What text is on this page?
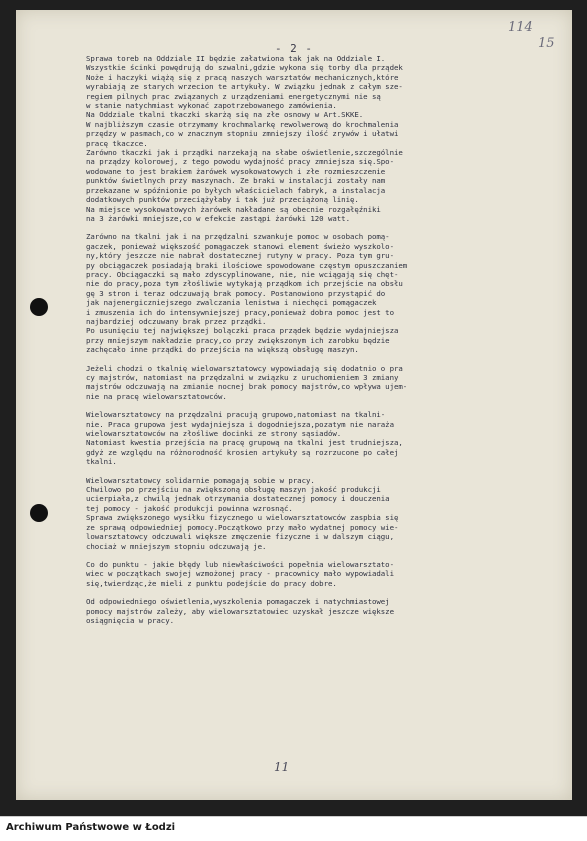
- 2 -
114
15
Sprawa toreb na Oddziale II będzie załatwiona tak jak na Oddziale I.
Wszystkie ścinki powędrują do szwalni,gdzie wykona się torby dla prządek
Noże i haczyki wiążą się z pracą naszych warsztatów mechanicznych,które
wyrabiają ze starych wrzecion te artykuły. W związku jednak z całym sze-
regiem pilnych prac związanych z urządzeniami energetycznymi nie są
w stanie natychmiast wykonać zapotrzebowanego zamówienia.
Na Oddziale tkalni tkaczki skarżą się na złe osnowy w Art.SKKE.
W najbliższym czasie otrzymamy krochmalarkę rewolwerową do krochmalenia
przędzy w pasmach,co w znacznym stopniu zmniejszy ilość zrywów i ułatwi
pracę tkaczce.
Zarówno tkaczki jak i prządki narzekają na słabe oświetlenie,szczególnie
na prządzy kolorowej, z tego powodu wydajność pracy zmniejsza się.Spo-
wodowane to jest brakiem żarówek wysokowatowych i złe rozmieszczenie
punktów świetlnych przy maszynach. Ze braki w instalacji zostały nam
przekazane w spóźnionie po byłych właścicielach fabryk, a instalacja
dodatkowych punktów przeciążyłaby i tak już przeciążoną linię.
Na miejsce wysokowatowych żarówek nakładane są obecnie rozgałęźniki
na 3 żarówki mniejsze,co w efekcie zastąpi żarówki 120 watt.
Zarówno na tkalni jak i na przędzalni szwankuje pomoc w osobach pomą-
gaczek, ponieważ większość pomągaczek stanowi element świeżo wyszkolo-
ny,który jeszcze nie nabrał dostatecznej rutyny w pracy. Poza tym gru-
py obciągaczek posiadają braki ilościowe spowodowane częstym opuszczaniem
pracy. Obciągaczki są mało zdyscyplinowane, nie, nie wciągają się chęt-
nie do pracy,poza tym złośliwie wytykają prządkom ich przejście na obsłu
gę 3 stron i teraz odczuwają brak pomocy. Postanowiono przystąpić do
jak najenergiczniejszego zwalczania lenistwa i niechęci pomągaczek
i zmuszenia ich do intensywniejszej pracy,ponieważ dobra pomoc jest to
najbardziej odczuwany brak przez prządki.
Po usunięciu tej największej bolączki praca prządek będzie wydajniejsza
przy mniejszym nakładzie pracy,co przy zwiększonym ich zarobku będzie
zachęcało inne prządki do przejścia na większą obsługę maszyn.
Jeżeli chodzi o tkalnię wielowarsztatowcy wypowiadają się dodatnio o pra
cy majstrów, natomiast na przędzalni w związku z uruchomieniem 3 zmiany
majstrów odczuwają na zmianie nocnej brak pomocy majstrów,co wpływa ujem-
nie na pracę wielowarsztatowców.
Wielowarsztatowcy na przędzalni pracują grupowo,natomiast na tkalni-
nie. Praca grupowa jest wydajniejsza i dogodniejsza,pozatym nie naraża
wielowarsztatowców na złośliwe docinki ze strony sąsiadów.
Natomiast kwestia przejścia na pracę grupową na tkalni jest trudniejsza,
gdyż ze względu na różnorodność krosien artykuły są rozrzucone po całej
tkalni.
Wielowarsztatowcy solidarnie pomagają sobie w pracy.
Chwilowo po przejściu na zwiększoną obsługę maszyn jakość produkcji
ucierpiała,z chwilą jednak otrzymania dostatecznej pomocy i douczenia
tej pomocy - jakość produkcji powinna wzrosnąć.
Sprawa zwiększonego wysiłku fizycznego u wielowarsztatowców zaspbia się
ze sprawą odpowiedniej pomocy.Początkowo przy mało wydatnej pomocy wie-
lowarsztatowcy odczuwali większe zmęczenie fizyczne i w dalszym ciągu,
chociaż w mniejszym stopniu odczuwają je.
Co do punktu - jakie błędy lub niewłaściwości popełnia wielowarsztato-
wiec w początkach swojej wzmożonej pracy - pracownicy mało wypowiadali
się,twierdząc,że mieli z punktu podejście do pracy dobre.
Od odpowiedniego oświetlenia,wyszkolenia pomagaczek i natychmiastowej
pomocy majstrów zależy, aby wielowarsztatowiec uzyskał jeszcze większe
osiągnięcia w pracy.
11
Archiwum Państwowe w Łodzi
